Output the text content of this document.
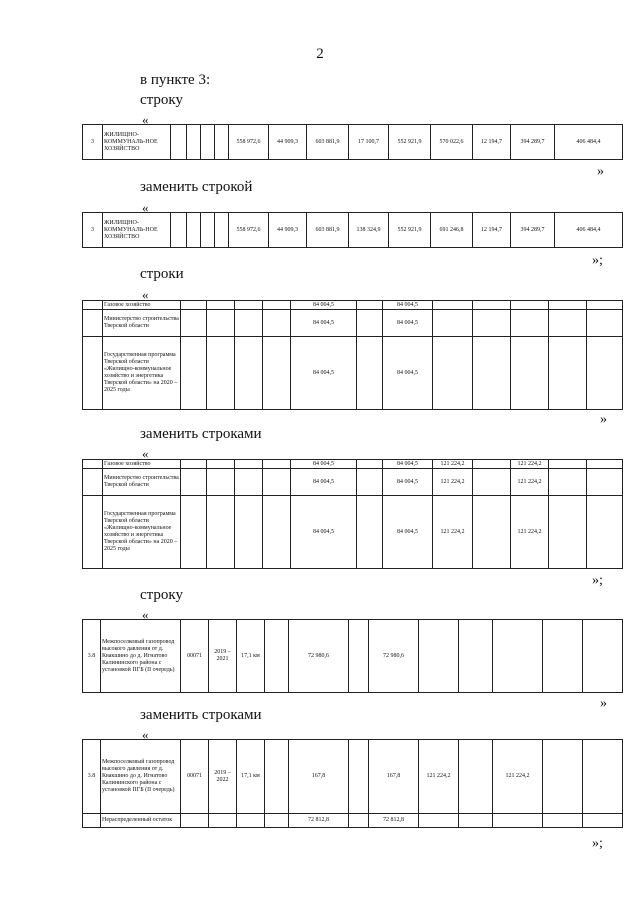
2
в пункте 3:
строку
«
3	ЖИЛИЩНО-КОММУНАЛЬ-НОЕ ХОЗЯЙСТВО					558 972,6	44 909,3	603 881,9	17 100,7	552 921,9	570 022,6	12 194,7	394 289,7	406 484,4
»
заменить строкой
«
3	ЖИЛИЩНО-КОММУНАЛЬ-НОЕ ХОЗЯЙСТВО					558 972,6	44 909,3	603 881,9	138 324,9	552 921,9	691 246,8	12 194,7	394 289,7	406 484,4
»;
строки
«
	Газовое хозяйство					84 004,5		84 004,5					
	Министерство строительства Тверской области					84 004,5		84 004,5					
	Государственная программа Тверской области «Жилищно-коммунальное хозяйство и энергетика Тверской области» на 2020 – 2025 годы					84 004,5		84 004,5					
»
заменить строками
«
	Газовое хозяйство					84 004,5		84 004,5	121 224,2		121 224,2		
	Министерство строительства Тверской области					84 004,5		84 004,5	121 224,2		121 224,2		
	Государственная программа Тверской области «Жилищно-коммунальное хозяйство и энергетика Тверской области» на 2020 – 2025 годы					84 004,5		84 004,5	121 224,2		121 224,2		
»;
строку
«
3.8	Межпоселковый газопровод высокого давления от д. Квакшино до д. Игнатово Калининского района с установкой ПГБ (II очередь)	00071	2019 – 2021	17,1 км		72 980,6		72 980,6					
»
заменить строками
«
3.8	Межпоселковый газопровод высокого давления от д. Квакшино до д. Игнатово Калининского района с установкой ПГБ (II очередь)	00071	2019 – 2022	17,1 км		167,8		167,8	121 224,2		121 224,2		
	Нераспределенный остаток					72 812,8		72 812,8					
»;
